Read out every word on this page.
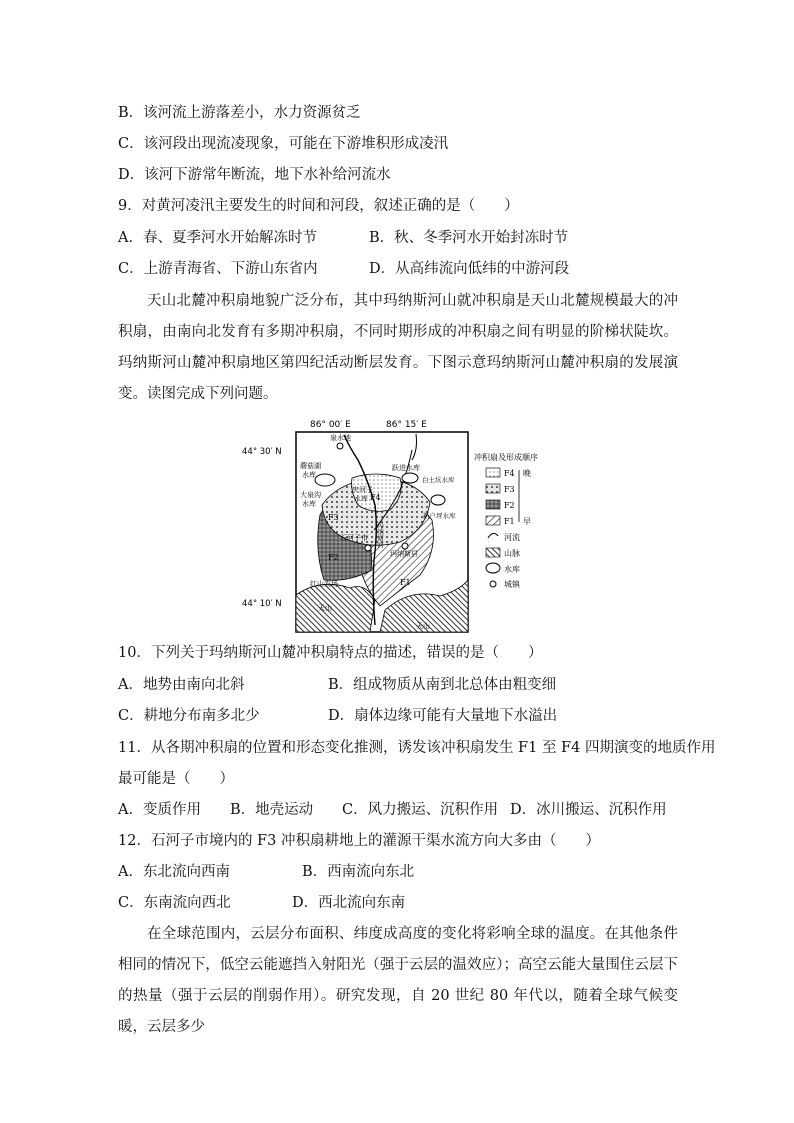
B．该河流上游落差小，水力资源贫乏
C．该河段出现流凌现象，可能在下游堆积形成凌汛
D．该河下游常年断流，地下水补给河流水
9．对黄河凌汛主要发生的时间和河段，叙述正确的是（　　）
A．春、夏季河水开始解冻时节	B．秋、冬季河水开始封冻时节
C．上游青海省、下游山东省内	D．从高纬流向低纬的中游河段
天山北麓冲积扇地貌广泛分布，其中玛纳斯河山就冲积扇是天山北麓规模最大的冲积扇，由南向北发育有多期冲积扇，不同时期形成的冲积扇之间有明显的阶梯状陡坎。玛纳斯河山麓冲积扇地区第四纪活动断层发育。下图示意玛纳斯河山麓冲积扇的发展演变。读图完成下列问题。
86° 00′ E	86° 15′ E
44° 30′ N
44° 10′ N
泉水地
蘑菇湖
水库
大泉沟
水库
夹河子
水库
跃进水库
白土坑水库
新户坪水库
石河子市
玛纳斯县
红山农场
天山
天山
玛纳斯河
F4
F3
F2
F1
冲积扇及形成顺序
F4 晚
F3
F2
F1 早
河流
山脉
水库
城镇
10．下列关于玛纳斯河山麓冲积扇特点的描述，错误的是（　　）
A．地势由南向北斜	B．组成物质从南到北总体由粗变细
C．耕地分布南多北少	D．扇体边缘可能有大量地下水溢出
11．从各期冲积扇的位置和形态变化推测，诱发该冲积扇发生 F1 至 F4 四期演变的地质作用
最可能是（　　）
A．变质作用 B．地壳运动 C．风力搬运、沉积作用 D．冰川搬运、沉积作用
12．石河子市境内的 F3 冲积扇耕地上的灌源干渠水流方向大多由（　　）
A．东北流向西南	B．西南流向东北
C．东南流向西北	D．西北流向东南
在全球范围内，云层分布面积、纬度成高度的变化将彩响全球的温度。在其他条件相同的情况下，低空云能遮挡入射阳光（强于云层的温效应）；高空云能大量围住云层下的热量（强于云层的削弱作用）。研究发现，自 20 世纪 80 年代以，随着全球气候变暖，云层多少
